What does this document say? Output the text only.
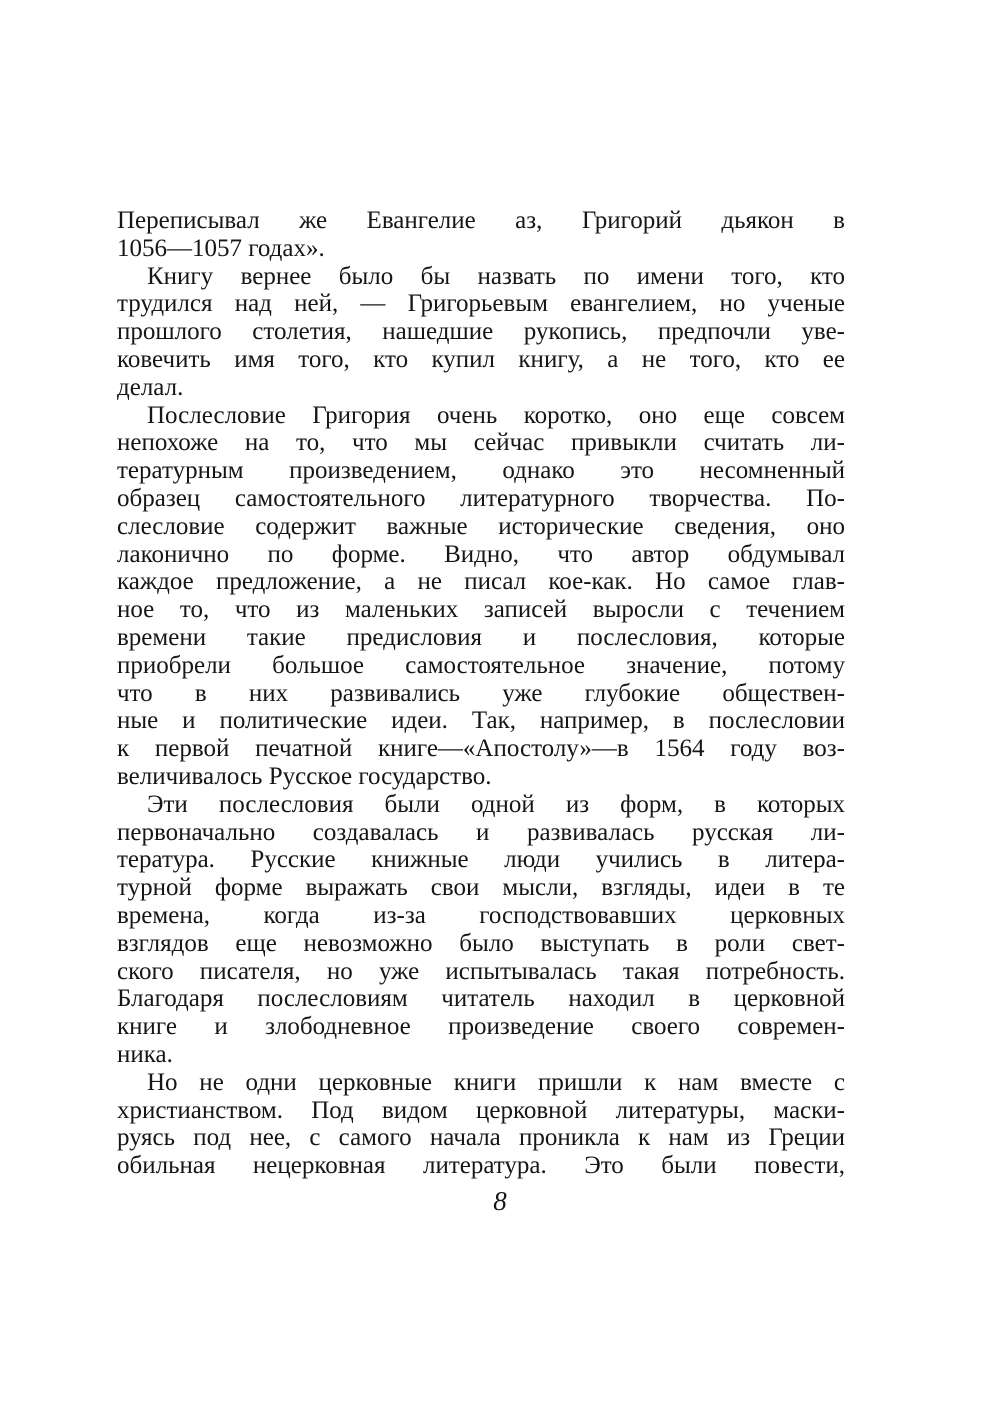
Переписывал же Евангелие аз, Григорий дьякон в
1056—1057 годах».
Книгу вернее было бы назвать по имени того, кто
трудился над ней, — Григорьевым евангелием, но ученые
прошлого столетия, нашедшие рукопись, предпочли уве-
ковечить имя того, кто купил книгу, а не того, кто ее
делал.
Послесловие Григория очень коротко, оно еще совсем
непохоже на то, что мы сейчас привыкли считать ли-
тературным произведением, однако это несомненный
образец самостоятельного литературного творчества. По-
слесловие содержит важные исторические сведения, оно
лаконично по форме. Видно, что автор обдумывал
каждое предложение, а не писал кое-как. Но самое глав-
ное то, что из маленьких записей выросли с течением
времени такие предисловия и послесловия, которые
приобрели большое самостоятельное значение, потому
что в них развивались уже глубокие обществен-
ные и политические идеи. Так, например, в послесловии
к первой печатной книге—«Апостолу»—в 1564 году воз-
величивалось Русское государство.
Эти послесловия были одной из форм, в которых
первоначально создавалась и развивалась русская ли-
тература. Русские книжные люди учились в литера-
турной форме выражать свои мысли, взгляды, идеи в те
времена, когда из-за господствовавших церковных
взглядов еще невозможно было выступать в роли свет-
ского писателя, но уже испытывалась такая потребность.
Благодаря послесловиям читатель находил в церковной
книге и злободневное произведение своего современ-
ника.
Но не одни церковные книги пришли к нам вместе с
христианством. Под видом церковной литературы, маски-
руясь под нее, с самого начала проникла к нам из Греции
обильная нецерковная литература. Это были повести,
8
